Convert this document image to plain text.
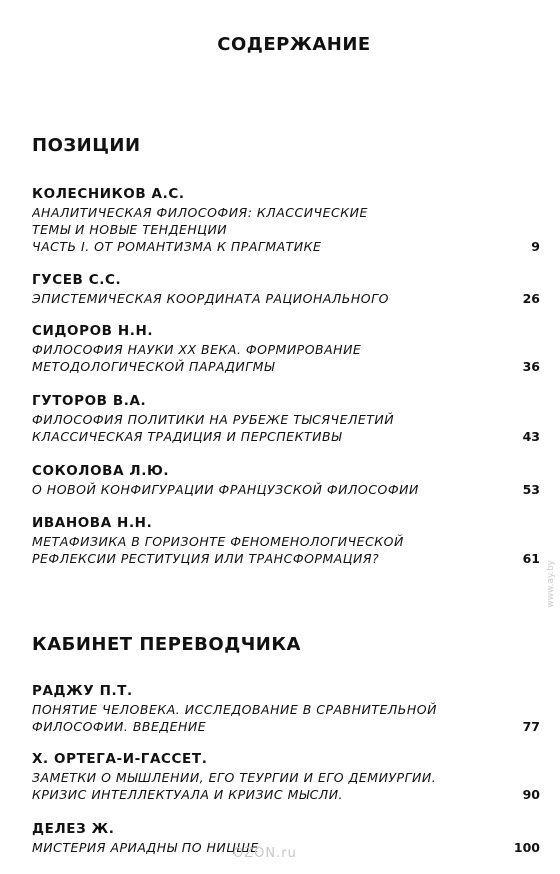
СОДЕРЖАНИЕ
ПОЗИЦИИ
КОЛЕСНИКОВ А.С.
АНАЛИТИЧЕСКАЯ ФИЛОСОФИЯ: КЛАССИЧЕСКИЕ
ТЕМЫ И НОВЫЕ ТЕНДЕНЦИИ
ЧАСТЬ I. ОТ РОМАНТИЗМА К ПРАГМАТИКЕ	9
ГУСЕВ С.С.
ЭПИСТЕМИЧЕСКАЯ КООРДИНАТА РАЦИОНАЛЬНОГО	26
СИДОРОВ Н.Н.
ФИЛОСОФИЯ НАУКИ XX ВЕКА. ФОРМИРОВАНИЕ
МЕТОДОЛОГИЧЕСКОЙ ПАРАДИГМЫ	36
ГУТОРОВ В.А.
ФИЛОСОФИЯ ПОЛИТИКИ НА РУБЕЖЕ ТЫСЯЧЕЛЕТИЙ
КЛАССИЧЕСКАЯ ТРАДИЦИЯ И ПЕРСПЕКТИВЫ	43
СОКОЛОВА Л.Ю.
О НОВОЙ КОНФИГУРАЦИИ ФРАНЦУЗСКОЙ ФИЛОСОФИИ	53
ИВАНОВА Н.Н.
МЕТАФИЗИКА В ГОРИЗОНТЕ ФЕНОМЕНОЛОГИЧЕСКОЙ
РЕФЛЕКСИИ РЕСТИТУЦИЯ ИЛИ ТРАНСФОРМАЦИЯ?	61
КАБИНЕТ ПЕРЕВОДЧИКА
РАДЖУ П.Т.
ПОНЯТИЕ ЧЕЛОВЕКА. ИССЛЕДОВАНИЕ В СРАВНИТЕЛЬНОЙ
ФИЛОСОФИИ. ВВЕДЕНИЕ	77
Х. ОРТЕГА-И-ГАССЕТ.
ЗАМЕТКИ О МЫШЛЕНИИ, ЕГО ТЕУРГИИ И ЕГО ДЕМИУРГИИ.
КРИЗИС ИНТЕЛЛЕКТУАЛА И КРИЗИС МЫСЛИ.	90
ДЕЛЕЗ Ж.
МИСТЕРИЯ АРИАДНЫ ПО НИЦШЕ	100
OZON.ru
www.ay.by
